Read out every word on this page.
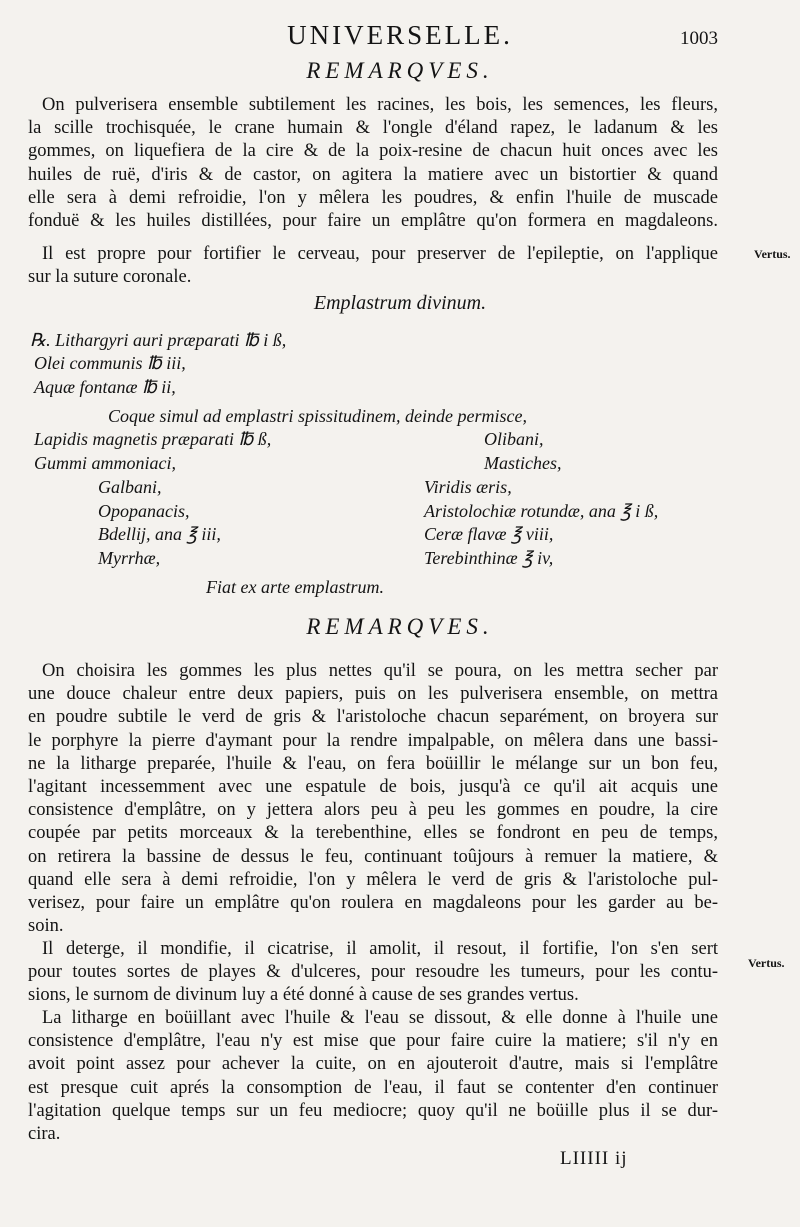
UNIVERSELLE.	1003
REMARQVES.
On pulverisera ensemble subtilement les racines, les bois, les semences, les fleurs,
la scille trochisquée, le crane humain & l'ongle d'éland rapez, le ladanum & les
gommes, on liquefiera de la cire & de la poix-resine de chacun huit onces avec les
huiles de ruë, d'iris & de castor, on agitera la matiere avec un bistortier & quand
elle sera à demi refroidie, l'on y mêlera les poudres, & enfin l'huile de muscade
fonduë & les huiles distillées, pour faire un emplâtre qu'on formera en magdaleons.
Il est propre pour fortifier le cerveau, pour preserver de l'epileptie, on l'applique
sur la suture coronale.
Vertus.
Emplastrum divinum.
℞. Lithargyri auri præparati ℔ i ß,
Olei communis ℔ iii,
Aquæ fontanæ ℔ ii,
Coque simul ad emplastri spissitudinem, deinde permisce,
Lapidis magnetis præparati ℔ ß,
Gummi ammoniaci,
Galbani,
Opopanacis,
Bdellij, ana ℥ iii,
Myrrhæ,
Olibani,
Mastiches,
Viridis æris,
Aristolochiæ rotundæ, ana ℥ i ß,
Ceræ flavæ ℥ viii,
Terebinthinæ ℥ iv,
Fiat ex arte emplastrum.
REMARQVES.
On choisira les gommes les plus nettes qu'il se poura, on les mettra secher par
une douce chaleur entre deux papiers, puis on les pulverisera ensemble, on mettra
en poudre subtile le verd de gris & l'aristoloche chacun separément, on broyera sur
le porphyre la pierre d'aymant pour la rendre impalpable, on mêlera dans une bassi-
ne la litharge preparée, l'huile & l'eau, on fera boüillir le mélange sur un bon feu,
l'agitant incessemment avec une espatule de bois, jusqu'à ce qu'il ait acquis une
consistence d'emplâtre, on y jettera alors peu à peu les gommes en poudre, la cire
coupée par petits morceaux & la terebenthine, elles se fondront en peu de temps,
on retirera la bassine de dessus le feu, continuant toûjours à remuer la matiere, &
quand elle sera à demi refroidie, l'on y mêlera le verd de gris & l'aristoloche pul-
verisez, pour faire un emplâtre qu'on roulera en magdaleons pour les garder au be-
soin.
Il deterge, il mondifie, il cicatrise, il amolit, il resout, il fortifie, l'on s'en sert
pour toutes sortes de playes & d'ulceres, pour resoudre les tumeurs, pour les contu-
sions, le surnom de divinum luy a été donné à cause de ses grandes vertus.
Vertus.
La litharge en boüillant avec l'huile & l'eau se dissout, & elle donne à l'huile une
consistence d'emplâtre, l'eau n'y est mise que pour faire cuire la matiere; s'il n'y en
avoit point assez pour achever la cuite, on en ajouteroit d'autre, mais si l'emplâtre
est presque cuit aprés la consomption de l'eau, il faut se contenter d'en continuer
l'agitation quelque temps sur un feu mediocre; quoy qu'il ne boüille plus il se dur-
cira.
LIIIII ij
